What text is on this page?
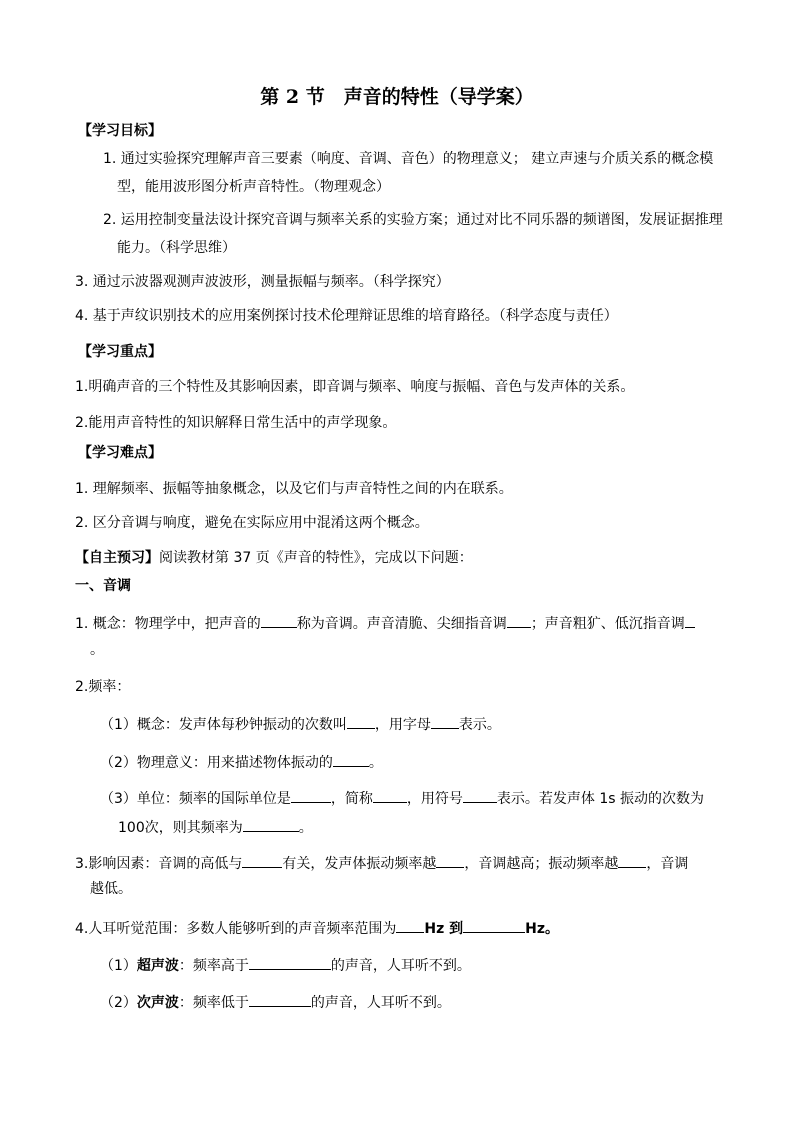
第 2 节　声音的特性（导学案）
【学习目标】
1. 通过实验探究理解声音三要素（响度、音调、音色）的物理意义； 建立声速与介质关系的概念模
型，能用波形图分析声音特性。（物理观念）
2. 运用控制变量法设计探究音调与频率关系的实验方案；通过对比不同乐器的频谱图，发展证据推理
能力。（科学思维）
3. 通过示波器观测声波波形，测量振幅与频率。（科学探究）
4. 基于声纹识别技术的应用案例探讨技术伦理辩证思维的培育路径。（科学态度与责任）
【学习重点】
1.明确声音的三个特性及其影响因素，即音调与频率、响度与振幅、音色与发声体的关系。
2.能用声音特性的知识解释日常生活中的声学现象。
【学习难点】
1. 理解频率、振幅等抽象概念，以及它们与声音特性之间的内在联系。
2. 区分音调与响度，避免在实际应用中混淆这两个概念。
【自主预习】阅读教材第 37 页《声音的特性》，完成以下问题：
一、音调
1. 概念：物理学中，把声音的	称为音调。声音清脆、尖细指音调 ；声音粗犷、低沉指音调
。
2.频率：
（1）概念：发声体每秒钟振动的次数叫 ，用字母 表示。
（2）物理意义：用来描述物体振动的	。
（3）单位：频率的国际单位是	，简称 ，用符号 表示。若发声体 1s 振动的次数为
100次，则其频率为	。
3.影响因素：音调的高低与	有关，发声体振动频率越 ，音调越高；振动频率越 ，音调
越低。
4.人耳听觉范围：多数人能够听到的声音频率范围为 Hz 到	Hz。
（1）超声波：频率高于	的声音，人耳听不到。
（2）次声波：频率低于	的声音，人耳听不到。
